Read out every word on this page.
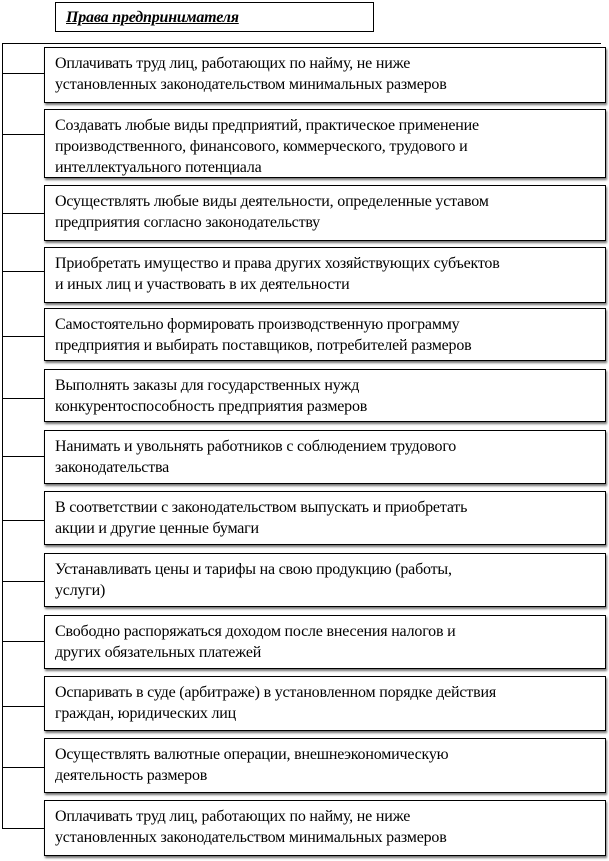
Права предпринимателя
Оплачивать труд лиц, работающих по найму, не ниже
установленных законодательством минимальных размеров
Создавать любые виды предприятий, практическое применение
производственного, финансового, коммерческого, трудового и
интеллектуального потенциала
Осуществлять любые виды деятельности, определенные уставом
предприятия согласно законодательству
Приобретать имущество и права других хозяйствующих субъектов
и иных лиц и участвовать в их деятельности
Самостоятельно формировать производственную программу
предприятия и выбирать поставщиков, потребителей размеров
Выполнять заказы для государственных нужд
конкурентоспособность предприятия размеров
Нанимать и увольнять работников с соблюдением трудового
законодательства
В соответствии с законодательством выпускать и приобретать
акции и другие ценные бумаги
Устанавливать цены и тарифы на свою продукцию (работы,
услуги)
Свободно распоряжаться доходом после внесения налогов и
других обязательных платежей
Оспаривать в суде (арбитраже) в установленном порядке действия
граждан, юридических лиц
Осуществлять валютные операции, внешнеэкономическую
деятельность размеров
Оплачивать труд лиц, работающих по найму, не ниже
установленных законодательством минимальных размеров
